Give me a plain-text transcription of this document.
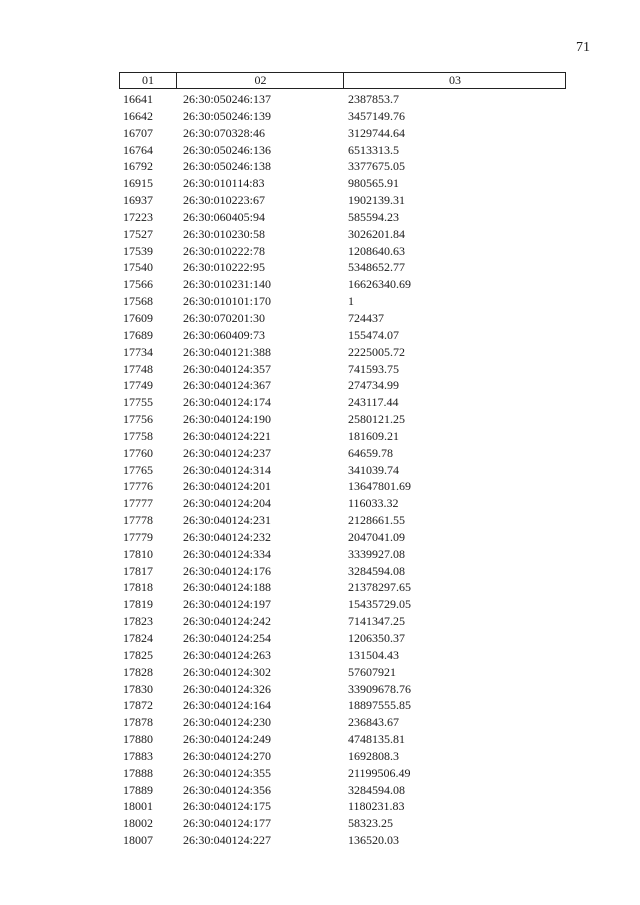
71
01	02	03
16641	26:30:050246:137	2387853.7
16642	26:30:050246:139	3457149.76
16707	26:30:070328:46	3129744.64
16764	26:30:050246:136	6513313.5
16792	26:30:050246:138	3377675.05
16915	26:30:010114:83	980565.91
16937	26:30:010223:67	1902139.31
17223	26:30:060405:94	585594.23
17527	26:30:010230:58	3026201.84
17539	26:30:010222:78	1208640.63
17540	26:30:010222:95	5348652.77
17566	26:30:010231:140	16626340.69
17568	26:30:010101:170	1
17609	26:30:070201:30	724437
17689	26:30:060409:73	155474.07
17734	26:30:040121:388	2225005.72
17748	26:30:040124:357	741593.75
17749	26:30:040124:367	274734.99
17755	26:30:040124:174	243117.44
17756	26:30:040124:190	2580121.25
17758	26:30:040124:221	181609.21
17760	26:30:040124:237	64659.78
17765	26:30:040124:314	341039.74
17776	26:30:040124:201	13647801.69
17777	26:30:040124:204	116033.32
17778	26:30:040124:231	2128661.55
17779	26:30:040124:232	2047041.09
17810	26:30:040124:334	3339927.08
17817	26:30:040124:176	3284594.08
17818	26:30:040124:188	21378297.65
17819	26:30:040124:197	15435729.05
17823	26:30:040124:242	7141347.25
17824	26:30:040124:254	1206350.37
17825	26:30:040124:263	131504.43
17828	26:30:040124:302	57607921
17830	26:30:040124:326	33909678.76
17872	26:30:040124:164	18897555.85
17878	26:30:040124:230	236843.67
17880	26:30:040124:249	4748135.81
17883	26:30:040124:270	1692808.3
17888	26:30:040124:355	21199506.49
17889	26:30:040124:356	3284594.08
18001	26:30:040124:175	1180231.83
18002	26:30:040124:177	58323.25
18007	26:30:040124:227	136520.03
